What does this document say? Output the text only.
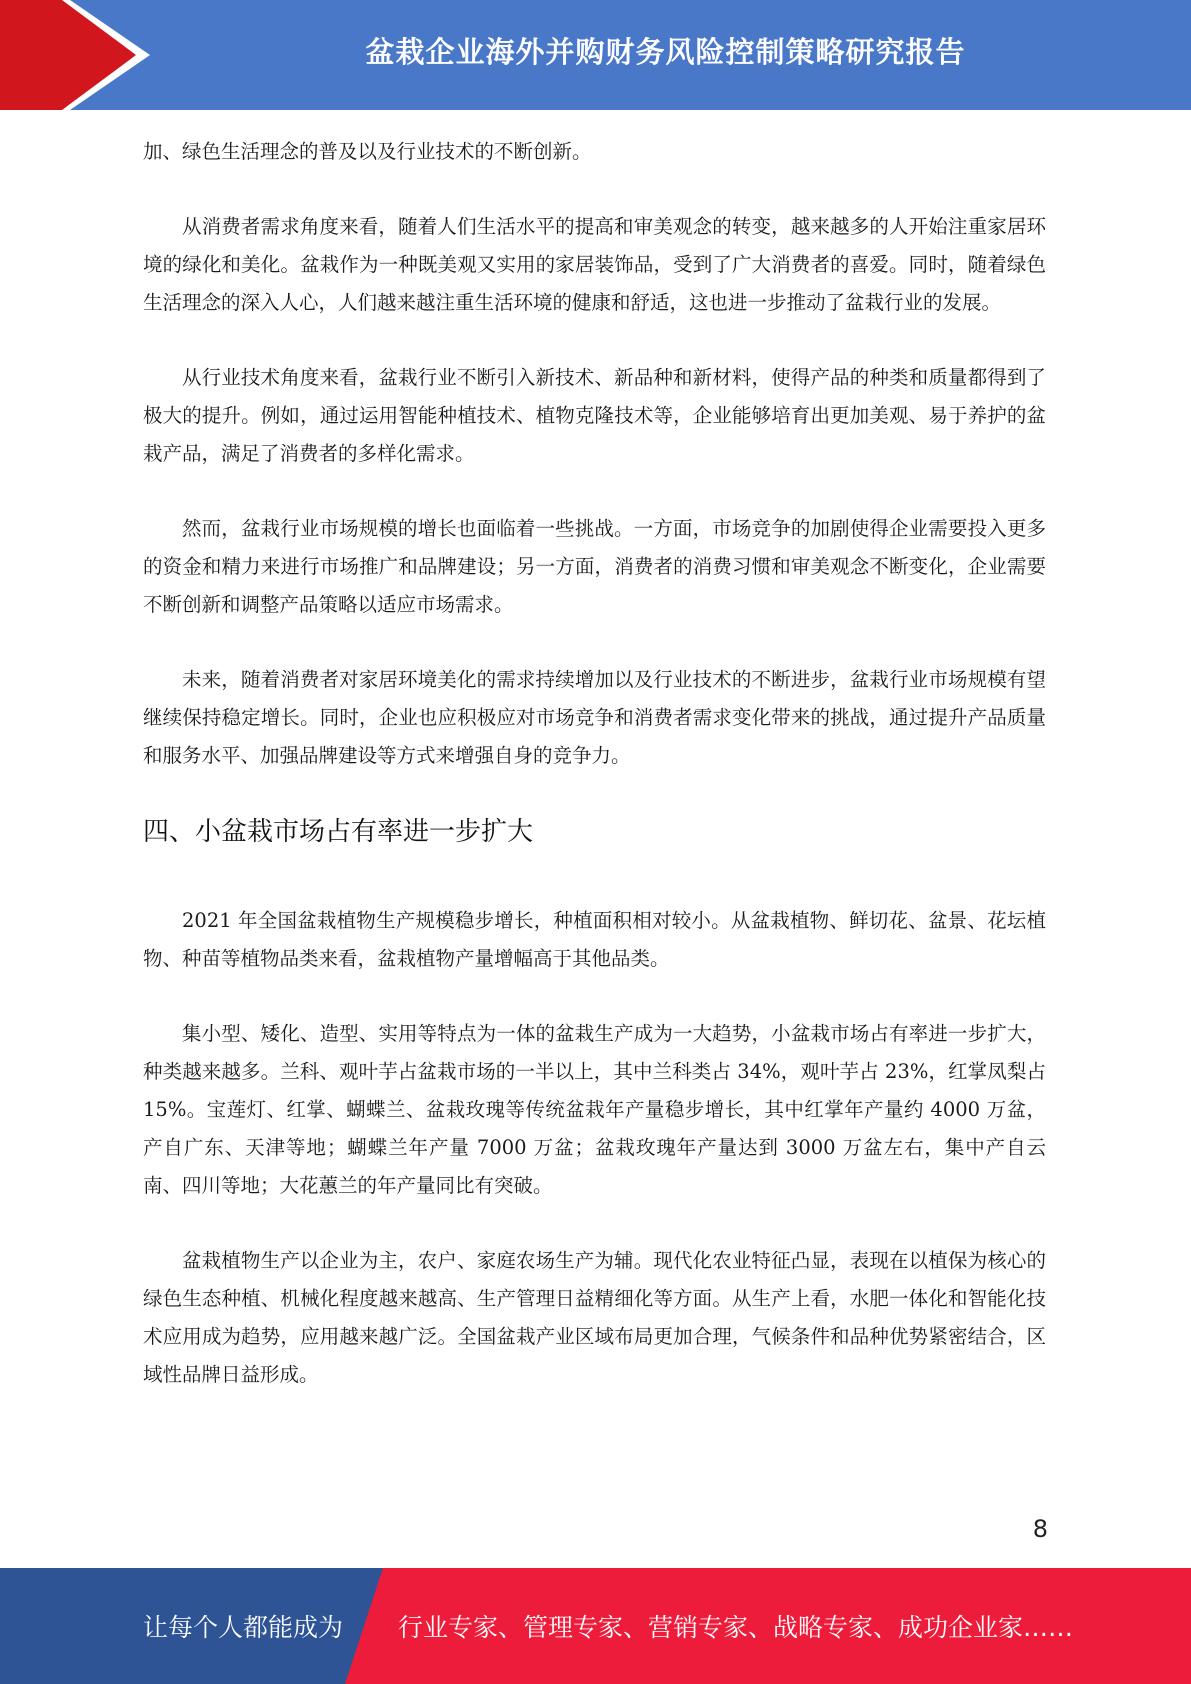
盆栽企业海外并购财务风险控制策略研究报告

加、绿色生活理念的普及以及行业技术的不断创新。

从消费者需求角度来看，随着人们生活水平的提高和审美观念的转变，越来越多的人开始注重家居环境的绿化和美化。盆栽作为一种既美观又实用的家居装饰品，受到了广大消费者的喜爱。同时，随着绿色生活理念的深入人心，人们越来越注重生活环境的健康和舒适，这也进一步推动了盆栽行业的发展。

从行业技术角度来看，盆栽行业不断引入新技术、新品种和新材料，使得产品的种类和质量都得到了极大的提升。例如，通过运用智能种植技术、植物克隆技术等，企业能够培育出更加美观、易于养护的盆栽产品，满足了消费者的多样化需求。

然而，盆栽行业市场规模的增长也面临着一些挑战。一方面，市场竞争的加剧使得企业需要投入更多的资金和精力来进行市场推广和品牌建设；另一方面，消费者的消费习惯和审美观念不断变化，企业需要不断创新和调整产品策略以适应市场需求。

未来，随着消费者对家居环境美化的需求持续增加以及行业技术的不断进步，盆栽行业市场规模有望继续保持稳定增长。同时，企业也应积极应对市场竞争和消费者需求变化带来的挑战，通过提升产品质量和服务水平、加强品牌建设等方式来增强自身的竞争力。

四、小盆栽市场占有率进一步扩大

2021 年全国盆栽植物生产规模稳步增长，种植面积相对较小。从盆栽植物、鲜切花、盆景、花坛植物、种苗等植物品类来看，盆栽植物产量增幅高于其他品类。

集小型、矮化、造型、实用等特点为一体的盆栽生产成为一大趋势，小盆栽市场占有率进一步扩大，种类越来越多。兰科、观叶芋占盆栽市场的一半以上，其中兰科类占 34%，观叶芋占 23%，红掌凤梨占 15%。宝莲灯、红掌、蝴蝶兰、盆栽玫瑰等传统盆栽年产量稳步增长，其中红掌年产量约 4000 万盆，产自广东、天津等地；蝴蝶兰年产量 7000 万盆；盆栽玫瑰年产量达到 3000 万盆左右，集中产自云南、四川等地；大花蕙兰的年产量同比有突破。

盆栽植物生产以企业为主，农户、家庭农场生产为辅。现代化农业特征凸显，表现在以植保为核心的绿色生态种植、机械化程度越来越高、生产管理日益精细化等方面。从生产上看，水肥一体化和智能化技术应用成为趋势，应用越来越广泛。全国盆栽产业区域布局更加合理，气候条件和品种优势紧密结合，区域性品牌日益形成。

8
让每个人都能成为 行业专家、管理专家、营销专家、战略专家、成功企业家……
